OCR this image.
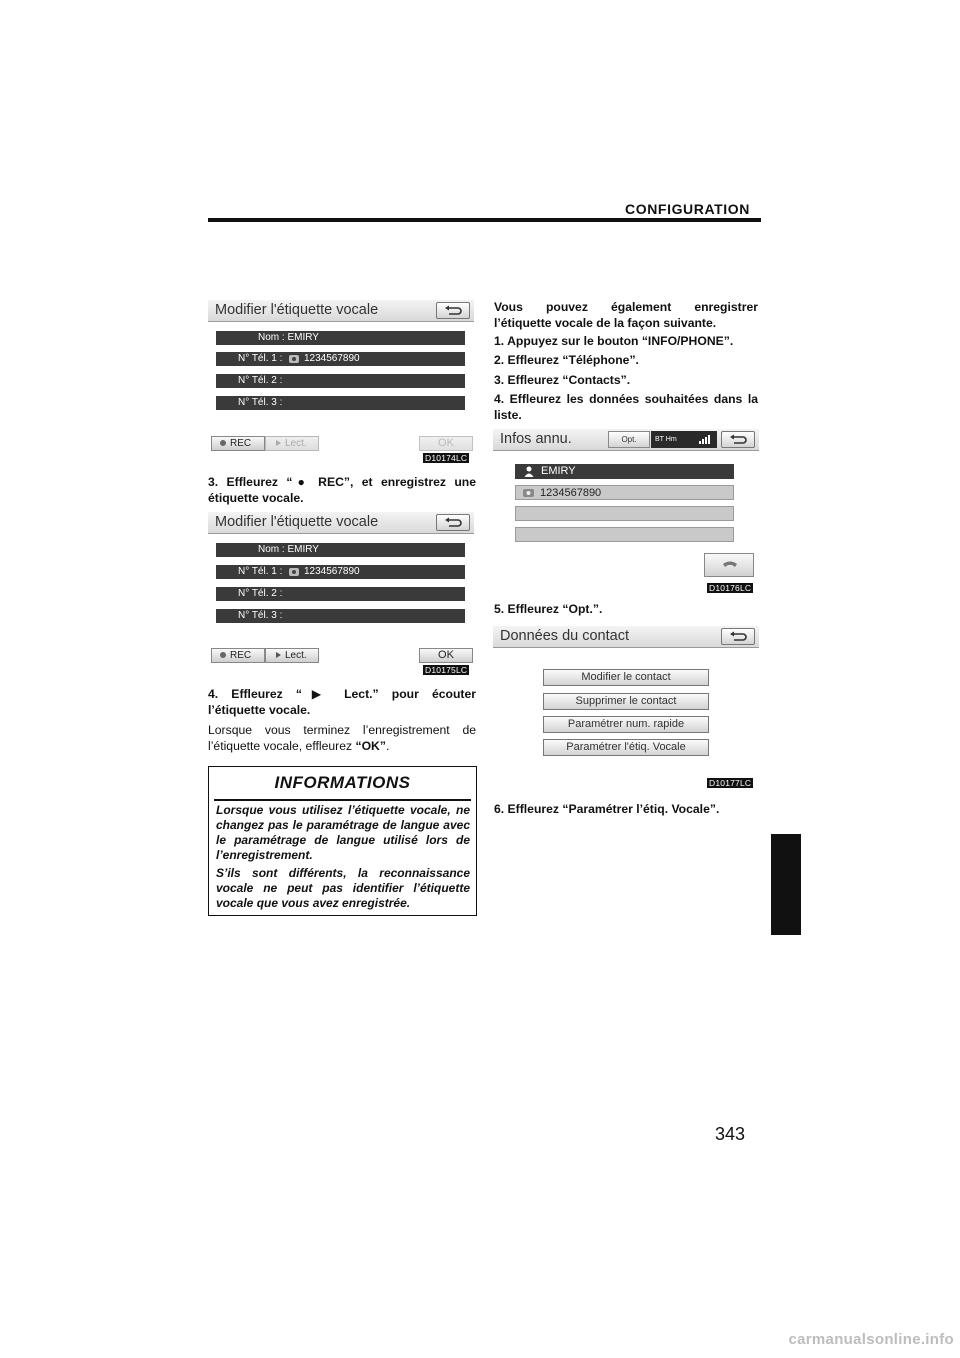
CONFIGURATION
Modifier l'étiquette vocale
Nom : EMIRY
N° Tél. 1 : 1234567890
N° Tél. 2 :
N° Tél. 3 :
REC	Lect.	OK
D10174LC
3. Effleurez “● REC”, et enregistrez une
étiquette vocale.
Modifier l'étiquette vocale
Nom : EMIRY
N° Tél. 1 : 1234567890
N° Tél. 2 :
N° Tél. 3 :
REC	Lect.	OK
D10175LC
4. Effleurez “▶ Lect.” pour écouter
l’étiquette vocale.
Lorsque vous terminez l’enregistrement de
l’étiquette vocale, effleurez “OK”.
INFORMATIONS
Lorsque vous utilisez l’étiquette vocale, ne changez pas le paramétrage de langue avec le paramétrage de langue utilisé lors de l’enregistrement.
S’ils sont différents, la reconnaissance vocale ne peut pas identifier l’étiquette vocale que vous avez enregistrée.
Vous pouvez également enregistrer
l’étiquette vocale de la façon suivante.
1. Appuyez sur le bouton “INFO/PHONE”.
2. Effleurez “Téléphone”.
3. Effleurez “Contacts”.
4. Effleurez les données souhaitées dans la
liste.
Infos annu.	Opt.	BT Hm
EMIRY
1234567890
D10176LC
5. Effleurez “Opt.”.
Données du contact
Modifier le contact
Supprimer le contact
Paramétrer num. rapide
Paramétrer l'étiq. Vocale
D10177LC
6. Effleurez “Paramétrer l’étiq. Vocale”.
343
carmanualsonline.info
